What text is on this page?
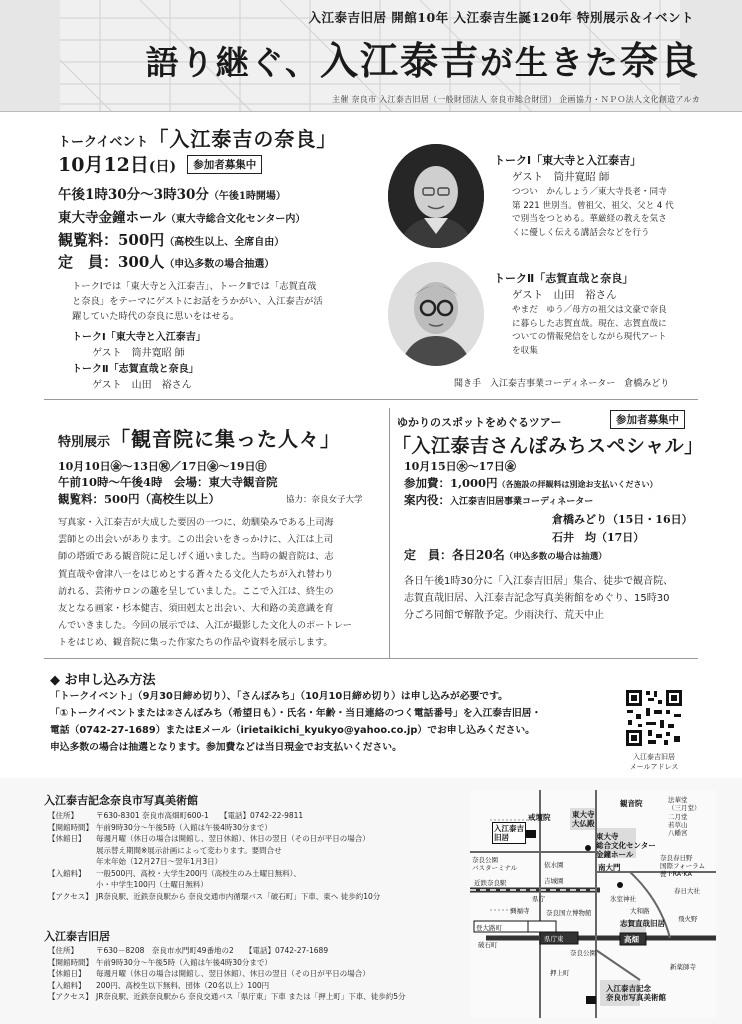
入江泰吉旧居 開館10年 入江泰吉生誕120年 特別展示＆イベント
語り継ぐ、入江泰吉が生きた奈良
主催 奈良市 入江泰吉旧居（一般財団法人 奈良市総合財団） 企画協力・ＮＰＯ法人文化創造アルカ
トークイベント「入江泰吉の奈良」
10月12日(日) 参加者募集中
午後1時30分～3時30分（午後1時開場）
東大寺金鐘ホール（東大寺総合文化センター内）
観覧料：500円（高校生以上、全席自由）
定　員：300人（申込多数の場合抽選）
トークⅠでは「東大寺と入江泰吉」、トークⅡでは「志賀直哉
と奈良」をテーマにゲストにお話をうかがい、入江泰吉が活
躍していた時代の奈良に思いをはせる。
トークⅠ「東大寺と入江泰吉」
ゲスト　筒井寛昭 師
トークⅡ「志賀直哉と奈良」
ゲスト　山田　裕さん
トークⅠ「東大寺と入江泰吉」
ゲスト　筒井寛昭 師
つつい　かんしょう／東大寺長老・同寺
第 221 世別当。曾祖父、祖父、父と 4 代
で別当をつとめる。華厳経の教えを気さ
くに優しく伝える講話会などを行う
トークⅡ「志賀直哉と奈良」
ゲスト　山田　裕さん
やまだ　ゆう／母方の祖父は文豪で奈良
に暮らした志賀直哉。現在、志賀直哉に
ついての情報発信をしながら現代アート
を収集
聞き手　入江泰吉事業コーディネーター　倉橋みどり
特別展示「観音院に集った人々」
10月10日㊎～13日㊗／17日㊎～19日㊐
午前10時～午後4時　会場：東大寺観音院
観覧料：500円（高校生以上）	協力：奈良女子大学
写真家・入江泰吉が大成した要因の一つに、幼馴染みである上司海
雲師との出会いがあります。この出会いをきっかけに、入江は上司
師の塔頭である観音院に足しげく通いました。当時の観音院は、志
賀直哉や會津八一をはじめとする蒼々たる文化人たちが入れ替わり
訪れる、芸術サロンの趣を呈していました。ここで入江は、終生の
友となる画家・杉本健吉、須田剋太と出会い、大和路の美意識を育
んでいきました。今回の展示では、入江が撮影した文化人のポートレー
トをはじめ、観音院に集った作家たちの作品や資料を展示します。
ゆかりのスポットをめぐるツアー	参加者募集中
「入江泰吉さんぽみちスペシャル」
10月15日㊌～17日㊎
参加費：1,000円（各施設の拝観料は別途お支払いください）
案内役：入江泰吉旧居事業コーディネーター
倉橋みどり（15日・16日）
石井　均（17日）
定　員：各日20名（申込多数の場合は抽選）
各日午後1時30分に「入江泰吉旧居」集合、徒歩で観音院、
志賀直哉旧居、入江泰吉記念写真美術館をめぐり、15時30
分ごろ同館で解散予定。少雨決行、荒天中止
◆ お申し込み方法
「トークイベント」（9月30日締め切り）、「さんぽみち」（10月10日締め切り）は申し込みが必要です。
「①トークイベントまたは②さんぽみち（希望日も）・氏名・年齢・当日連絡のつく電話番号」を入江泰吉旧居・
電話（0742-27-1689）またはEメール（irietaikichi_kyukyo@yahoo.co.jp）でお申し込みください。
申込多数の場合は抽選となります。参加費などは当日現金でお支払いください。
入江泰吉旧居
メールアドレス
入江泰吉記念奈良市写真美術館
【住所】 〒630-8301 奈良市高畑町600-1　　【電話】0742-22-9811
【開館時間】 午前9時30分～午後5時（入館は午後4時30分まで）
【休館日】 毎週月曜（休日の場合は開館し、翌日休館）、休日の翌日（その日が平日の場合）
展示替え期間※展示計画によって変わります。要問合せ
年末年始（12月27日～翌年1月3日）
【入館料】 一般500円、高校・大学生200円（高校生のみ土曜日無料）、
小・中学生100円（土曜日無料）
【アクセス】 JR奈良駅、近鉄奈良駅から 奈良交通市内循環バス「破石町」下車、東へ 徒歩約10分
入江泰吉旧居
【住所】 〒630－8208　奈良市水門町49番地の2　　【電話】0742-27-1689
【開館時間】 午前9時30分～午後5時（入館は午後4時30分まで）
【休館日】 毎週月曜（休日の場合は開館し、翌日休館）、休日の翌日（その日が平日の場合）
【入館料】 200円、高校生以下無料、団体（20名以上）100円
【アクセス】 JR奈良駅、近鉄奈良駅から 奈良交通バス「県庁東」下車 または「押上町」下車、徒歩約5分
戒壇院	東大寺
大仏殿
観音院	法華堂
（三月堂）
二月堂
若草山
八幡宮
入江泰吉
旧居	東大寺
総合文化センター
金鐘ホール
奈良公園
バスターミナル	依水園
吉城園
南大門
近鉄奈良駅
県庁
県庁東
登大路町
興福寺	奈良国立博物館
氷室神社
春日大社
大和路
奈良公園
奈良春日野
国際フォーラム
甍 I·RA·KA
志賀直哉旧居 飛火野
高畑
破石町
新薬師寺
入江泰吉記念
奈良市写真美術館
押上町
